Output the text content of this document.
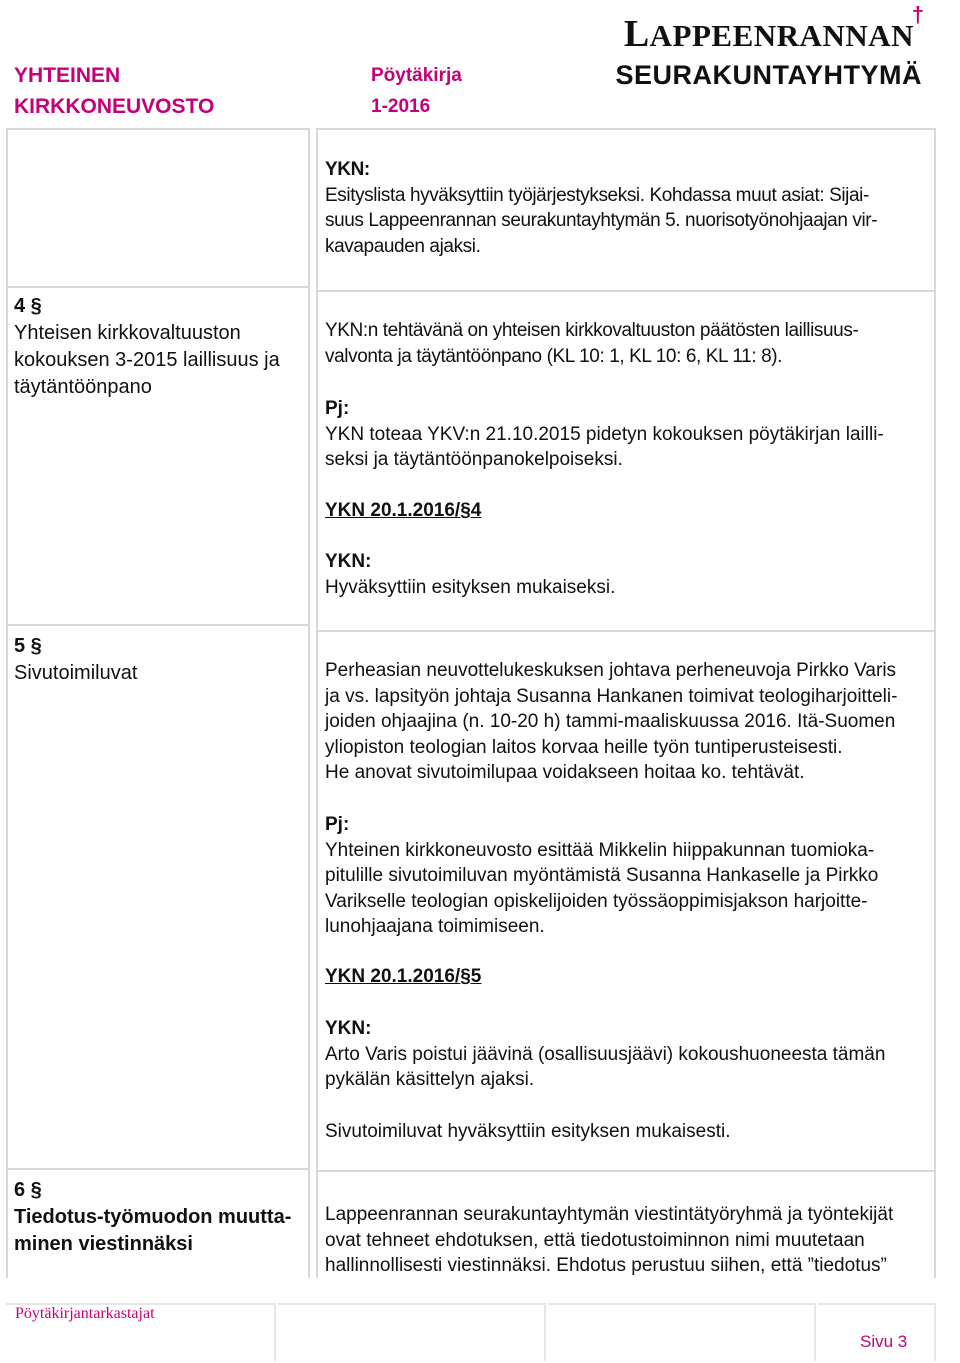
YHTEINEN
KIRKKONEUVOSTO
Pöytäkirja
1-2016
LAPPEENRANNAN
†
SEURAKUNTAYHTYMÄ
YKN:
Esityslista hyväksyttiin työjärjestykseksi. Kohdassa muut asiat: Sijai-
suus Lappeenrannan seurakuntayhtymän 5. nuorisotyönohjaajan vir-
kavapauden ajaksi.
4 §
Yhteisen kirkkovaltuuston
kokouksen 3-2015 laillisuus ja
täytäntöönpano
YKN:n tehtävänä on yhteisen kirkkovaltuuston päätösten laillisuus-
valvonta ja täytäntöönpano (KL 10: 1, KL 10: 6, KL 11: 8).
Pj:
YKN toteaa YKV:n 21.10.2015 pidetyn kokouksen pöytäkirjan lailli-
seksi ja täytäntöönpanokelpoiseksi.
YKN 20.1.2016/§4
YKN:
Hyväksyttiin esityksen mukaiseksi.
5 §
Sivutoimiluvat	Perheasian neuvottelukeskuksen johtava perheneuvoja Pirkko Varis
ja vs. lapsityön johtaja Susanna Hankanen toimivat teologiharjoitteli-
joiden ohjaajina (n. 10-20 h) tammi-maaliskuussa 2016. Itä-Suomen
yliopiston teologian laitos korvaa heille työn tuntiperusteisesti.
He anovat sivutoimilupaa voidakseen hoitaa ko. tehtävät.
Pj:
Yhteinen kirkkoneuvosto esittää Mikkelin hiippakunnan tuomioka-
pitulille sivutoimiluvan myöntämistä Susanna Hankaselle ja Pirkko
Varikselle teologian opiskelijoiden työssäoppimisjakson harjoitte-
lunohjaajana toimimiseen.
YKN 20.1.2016/§5
YKN:
Arto Varis poistui jäävinä (osallisuusjäävi) kokoushuoneesta tämän
pykälän käsittelyn ajaksi.
Sivutoimiluvat hyväksyttiin esityksen mukaisesti.
6 §
Tiedotus-työmuodon muutta-
minen viestinnäksi
Lappeenrannan seurakuntayhtymän viestintätyöryhmä ja työntekijät
ovat tehneet ehdotuksen, että tiedotustoiminnon nimi muutetaan
hallinnollisesti viestinnäksi. Ehdotus perustuu siihen, että ”tiedotus”
Pöytäkirjantarkastajat
Sivu 3
